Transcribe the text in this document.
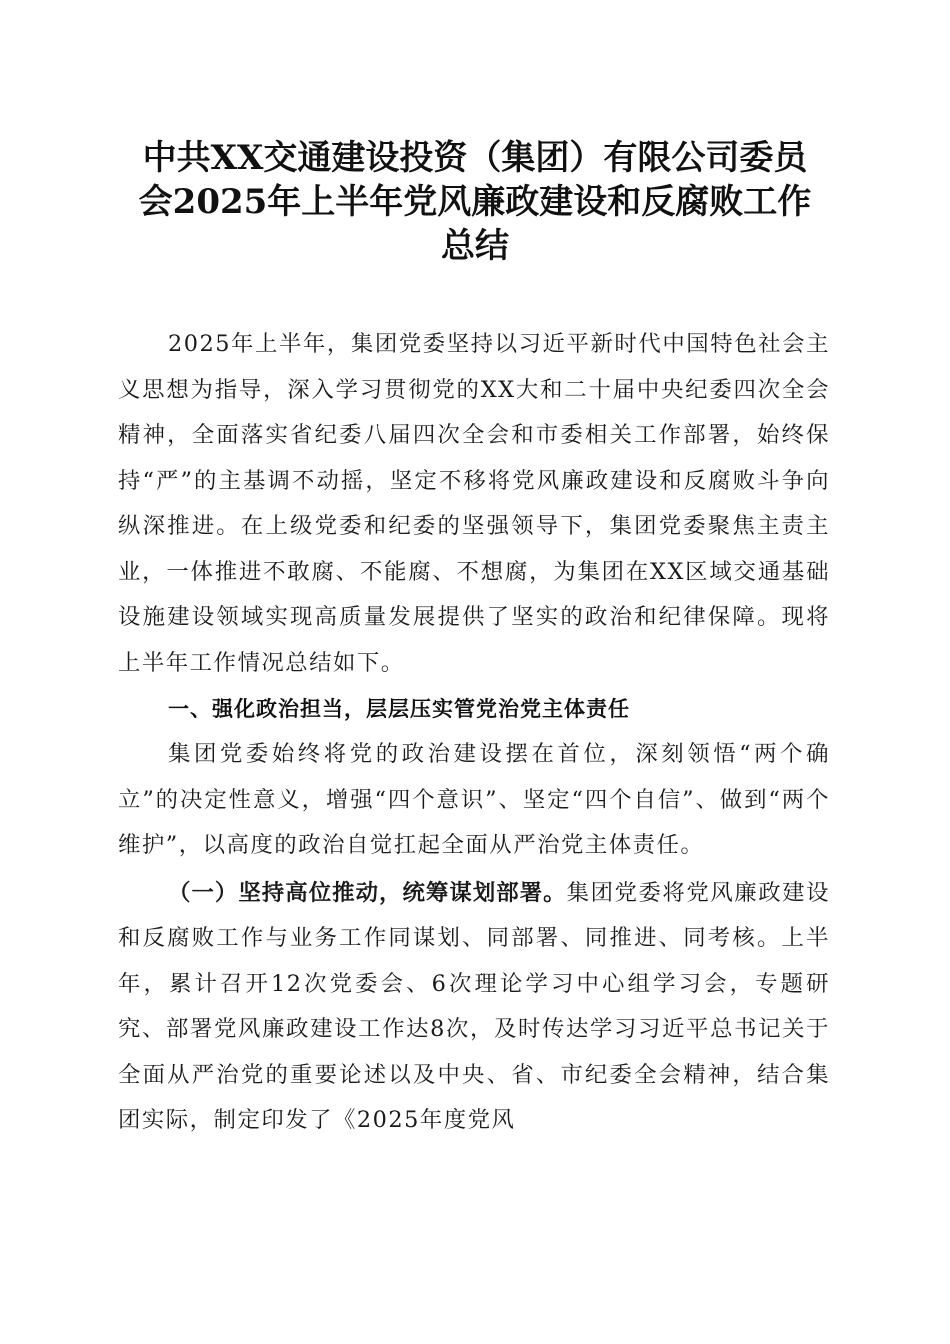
中共XX交通建设投资（集团）有限公司委员
会2025年上半年党风廉政建设和反腐败工作
总结

2025年上半年，集团党委坚持以习近平新时代中国特色社会主义思想为指导，深入学习贯彻党的XX大和二十届中央纪委四次全会精神，全面落实省纪委八届四次全会和市委相关工作部署，始终保持“严”的主基调不动摇，坚定不移将党风廉政建设和反腐败斗争向纵深推进。在上级党委和纪委的坚强领导下，集团党委聚焦主责主业，一体推进不敢腐、不能腐、不想腐，为集团在XX区域交通基础设施建设领域实现高质量发展提供了坚实的政治和纪律保障。现将上半年工作情况总结如下。

一、强化政治担当，层层压实管党治党主体责任

集团党委始终将党的政治建设摆在首位，深刻领悟“两个确立”的决定性意义，增强“四个意识”、坚定“四个自信”、做到“两个维护”，以高度的政治自觉扛起全面从严治党主体责任。

（一）坚持高位推动，统筹谋划部署。集团党委将党风廉政建设和反腐败工作与业务工作同谋划、同部署、同推进、同考核。上半年，累计召开12次党委会、6次理论学习中心组学习会，专题研究、部署党风廉政建设工作达8次，及时传达学习习近平总书记关于全面从严治党的重要论述以及中央、省、市纪委全会精神，结合集团实际，制定印发了《2025年度党风
